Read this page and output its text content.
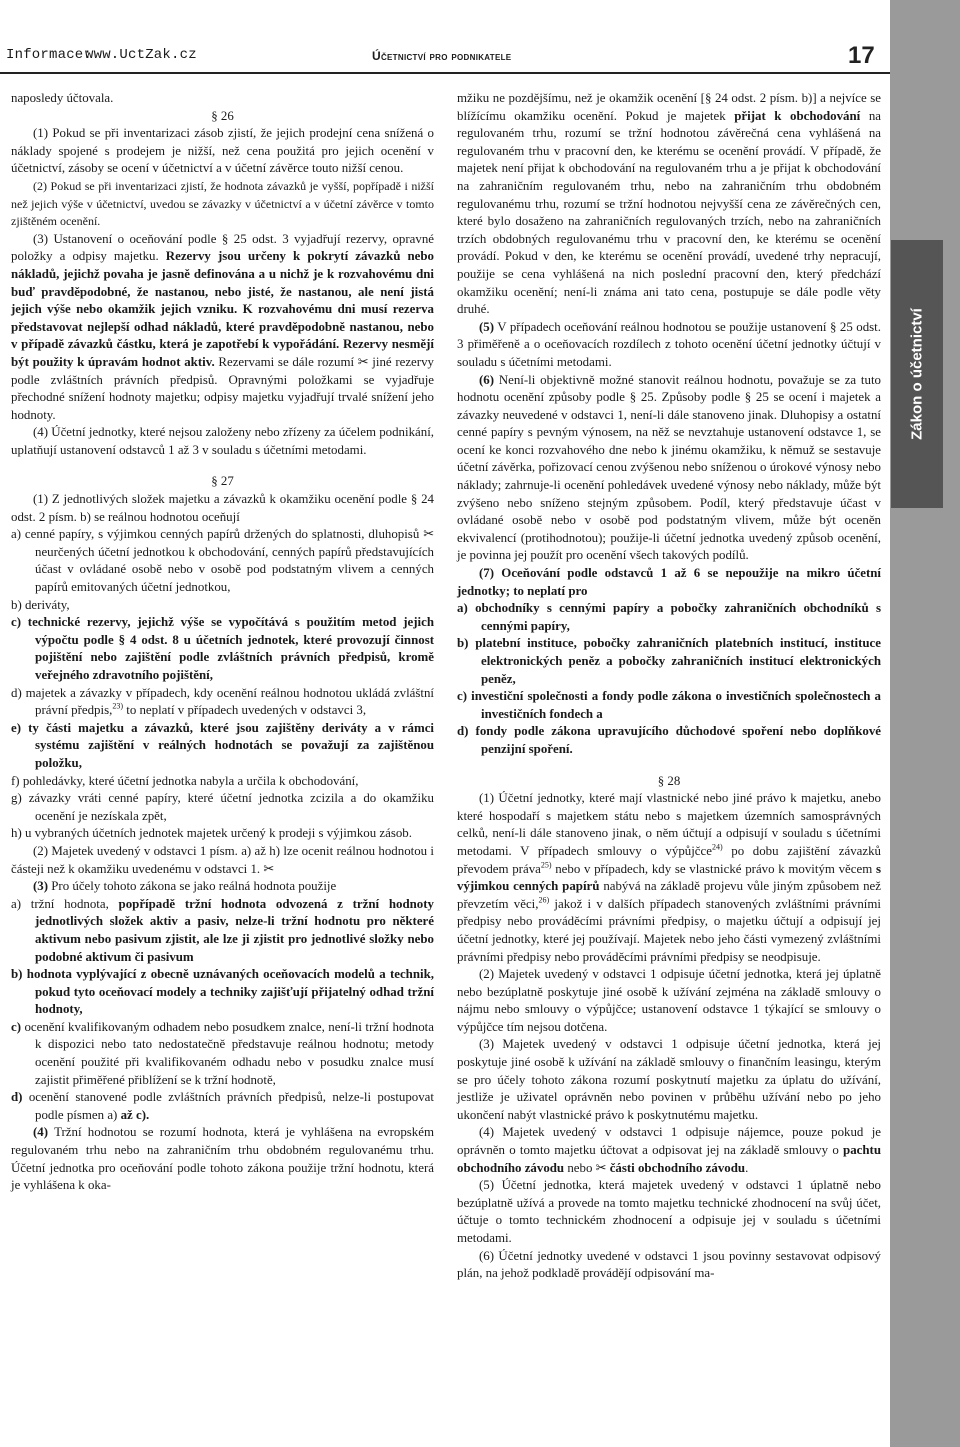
Informace:
www.UctZak.cz	Účetnictví pro podnikatele	17

naposledy účtovala.

§ 26

(1) Pokud se při inventarizaci zásob zjistí, že jejich prodejní cena snížená o náklady spojené s prodejem je nižší, než cena použitá pro jejich ocenění v účetnictví, zásoby se ocení v účetnictví a v účetní závěrce touto nižší cenou.

(2) Pokud se při inventarizaci zjistí, že hodnota závazků je vyšší, popřípadě i nižší než jejich výše v účetnictví, uvedou se závazky v účetnictví a v účetní závěrce v tomto zjištěném ocenění.

(3) Ustanovení o oceňování podle § 25 odst. 3 vyjadřují rezervy, opravné položky a odpisy majetku. Rezervy jsou určeny k pokrytí závazků nebo nákladů, jejichž povaha je jasně definována a u nichž je k rozvahovému dni buď pravděpodobné, že nastanou, nebo jisté, že nastanou, ale není jistá jejich výše nebo okamžik jejich vzniku. K rozvahovému dni musí rezerva představovat nejlepší odhad nákladů, které pravděpodobně nastanou, nebo v případě závazků částku, která je zapotřebí k vypořádání. Rezervy nesmějí být použity k úpravám hodnot aktiv. Rezervami se dále rozumí ✂ jiné rezervy podle zvláštních právních předpisů. Opravnými položkami se vyjadřuje přechodné snížení hodnoty majetku; odpisy majetku vyjadřují trvalé snížení jeho hodnoty.

(4) Účetní jednotky, které nejsou založeny nebo zřízeny za účelem podnikání, uplatňují ustanovení odstavců 1 až 3 v souladu s účetními metodami.

§ 27

(1) Z jednotlivých složek majetku a závazků k okamžiku ocenění podle § 24 odst. 2 písm. b) se reálnou hodnotou oceňují

a) cenné papíry, s výjimkou cenných papírů držených do splatnosti, dluhopisů ✂ neurčených účetní jednotkou k obchodování, cenných papírů představujících účast v ovládané osobě nebo v osobě pod podstatným vlivem a cenných papírů emitovaných účetní jednotkou,

b) deriváty,

c) technické rezervy, jejichž výše se vypočítává s použitím metod jejich výpočtu podle § 4 odst. 8 u účetních jednotek, které provozují činnost pojištění nebo zajištění podle zvláštních právních předpisů, kromě veřejného zdravotního pojištění,

d) majetek a závazky v případech, kdy ocenění reálnou hodnotou ukládá zvláštní právní předpis,$^{23)}$ to neplatí v případech uvedených v odstavci 3,

e) ty části majetku a závazků, které jsou zajištěny deriváty a v rámci systému zajištění v reálných hodnotách se považují za zajištěnou položku,

f) pohledávky, které účetní jednotka nabyla a určila k obchodování,

g) závazky vráti cenné papíry, které účetní jednotka zcizila a do okamžiku ocenění je nezískala zpět,

h) u vybraných účetních jednotek majetek určený k prodeji s výjimkou zásob.

(2) Majetek uvedený v odstavci 1 písm. a) až h) lze ocenit reálnou hodnotou i částeji než k okamžiku uvedenému v odstavci 1. ✂

(3) Pro účely tohoto zákona se jako reálná hodnota použije

a) tržní hodnota, popřípadě tržní hodnota odvozená z tržní hodnoty jednotlivých složek aktiv a pasiv, nelze-li tržní hodnotu pro některé aktivum nebo pasivum zjistit, ale lze ji zjistit pro jednotlivé složky nebo podobné aktivum či pasivum

b) hodnota vyplývající z obecně uznávaných oceňovacích modelů a technik, pokud tyto oceňovací modely a techniky zajišťují přijatelný odhad tržní hodnoty,

c) ocenění kvalifikovaným odhadem nebo posudkem znalce, není-li tržní hodnota k dispozici nebo tato nedostatečně představuje reálnou hodnotu; metody ocenění použité při kvalifikovaném odhadu nebo v posudku znalce musí zajistit přiměřené přiblížení se k tržní hodnotě,

d) ocenění stanovené podle zvláštních právních předpisů, nelze-li postupovat podle písmen a) až c).

(4) Tržní hodnotou se rozumí hodnota, která je vyhlášena na evropském regulovaném trhu nebo na zahraničním trhu obdobném regulovanému trhu. Účetní jednotka pro oceňování podle tohoto zákona použije tržní hodnotu, která je vyhlášena k oka-

mžiku ne pozdějšímu, než je okamžik ocenění [§ 24 odst. 2 písm. b)] a nejvíce se blížícímu okamžiku ocenění. Pokud je majetek přijat k obchodování na regulovaném trhu, rozumí se tržní hodnotou závěrečná cena vyhlášená na regulovaném trhu v pracovní den, ke kterému se ocenění provádí. V případě, že majetek není přijat k obchodování na regulovaném trhu a je přijat k obchodování na zahraničním regulovaném trhu, nebo na zahraničním trhu obdobném regulovanému trhu, rozumí se tržní hodnotou nejvyšší cena ze závěrečných cen, které bylo dosaženo na zahraničních regulovaných trzích, nebo na zahraničních trzích obdobných regulovanému trhu v pracovní den, ke kterému se ocenění provádí. Pokud v den, ke kterému se ocenění provádí, uvedené trhy nepracují, použije se cena vyhlášená na nich poslední pracovní den, který předchází okamžiku ocenění; není-li známa ani tato cena, postupuje se dále podle věty druhé.

(5) V případech oceňování reálnou hodnotou se použije ustanovení § 25 odst. 3 přiměřeně a o oceňovacích rozdílech z tohoto ocenění účetní jednotky účtují v souladu s účetními metodami.

(6) Není-li objektivně možné stanovit reálnou hodnotu, považuje se za tuto hodnotu ocenění způsoby podle § 25. Způsoby podle § 25 se ocení i majetek a závazky neuvedené v odstavci 1, není-li dále stanoveno jinak. Dluhopisy a ostatní cenné papíry s pevným výnosem, na něž se nevztahuje ustanovení odstavce 1, se ocení ke konci rozvahového dne nebo k jinému okamžiku, k němuž se sestavuje účetní závěrka, pořizovací cenou zvýšenou nebo sníženou o úrokové výnosy nebo náklady; zahrnuje-li ocenění pohledávek uvedené výnosy nebo náklady, může být zvýšeno nebo sníženo stejným způsobem. Podíl, který představuje účast v ovládané osobě nebo v osobě pod podstatným vlivem, může být oceněn ekvivalencí (protihodnotou); použije-li účetní jednotka uvedený způsob ocenění, je povinna jej použít pro ocenění všech takových podílů.

(7) Oceňování podle odstavců 1 až 6 se nepoužije na mikro účetní jednotky; to neplatí pro

a) obchodníky s cennými papíry a pobočky zahraničních obchodníků s cennými papíry,

b) platební instituce, pobočky zahraničních platebních institucí, instituce elektronických peněz a pobočky zahraničních institucí elektronických peněz,

c) investiční společnosti a fondy podle zákona o investičních společnostech a investičních fondech a

d) fondy podle zákona upravujícího důchodové spoření nebo doplňkové penzijní spoření.

§ 28

(1) Účetní jednotky, které mají vlastnické nebo jiné právo k majetku, anebo které hospodaří s majetkem státu nebo s majetkem územních samosprávných celků, není-li dále stanoveno jinak, o něm účtují a odpisují v souladu s účetními metodami. V případech smlouvy o výpůjčce$^{24)}$ po dobu zajištění závazků převodem práva$^{25)}$ nebo v případech, kdy se vlastnické právo k movitým věcem s výjimkou cenných papírů nabývá na základě projevu vůle jiným způsobem než převzetím věci,$^{26)}$ jakož i v dalších případech stanovených zvláštními právními předpisy nebo prováděcími právními předpisy, o majetku účtují a odpisují jej účetní jednotky, které jej používají. Majetek nebo jeho části vymezený zvláštními právními předpisy nebo prováděcími právními předpisy se neodpisuje.

(2) Majetek uvedený v odstavci 1 odpisuje účetní jednotka, která jej úplatně nebo bezúplatně poskytuje jiné osobě k užívání zejména na základě smlouvy o nájmu nebo smlouvy o výpůjčce; ustanovení odstavce 1 týkající se smlouvy o výpůjčce tím nejsou dotčena.

(3) Majetek uvedený v odstavci 1 odpisuje účetní jednotka, která jej poskytuje jiné osobě k užívání na základě smlouvy o finančním leasingu, kterým se pro účely tohoto zákona rozumí poskytnutí majetku za úplatu do užívání, jestliže je uživatel oprávněn nebo povinen v průběhu užívání nebo po jeho ukončení nabýt vlastnické právo k poskytnutému majetku.

(4) Majetek uvedený v odstavci 1 odpisuje nájemce, pouze pokud je oprávněn o tomto majetku účtovat a odpisovat jej na základě smlouvy o pachtu obchodního závodu nebo ✂ části obchodního závodu.

(5) Účetní jednotka, která majetek uvedený v odstavci 1 úplatně nebo bezúplatně užívá a provede na tomto majetku technické zhodnocení na svůj účet, účtuje o tomto technickém zhodnocení a odpisuje jej v souladu s účetními metodami.

(6) Účetní jednotky uvedené v odstavci 1 jsou povinny sestavovat odpisový plán, na jehož podkladě provádějí odpisování ma-

Zákon o účetnictví
